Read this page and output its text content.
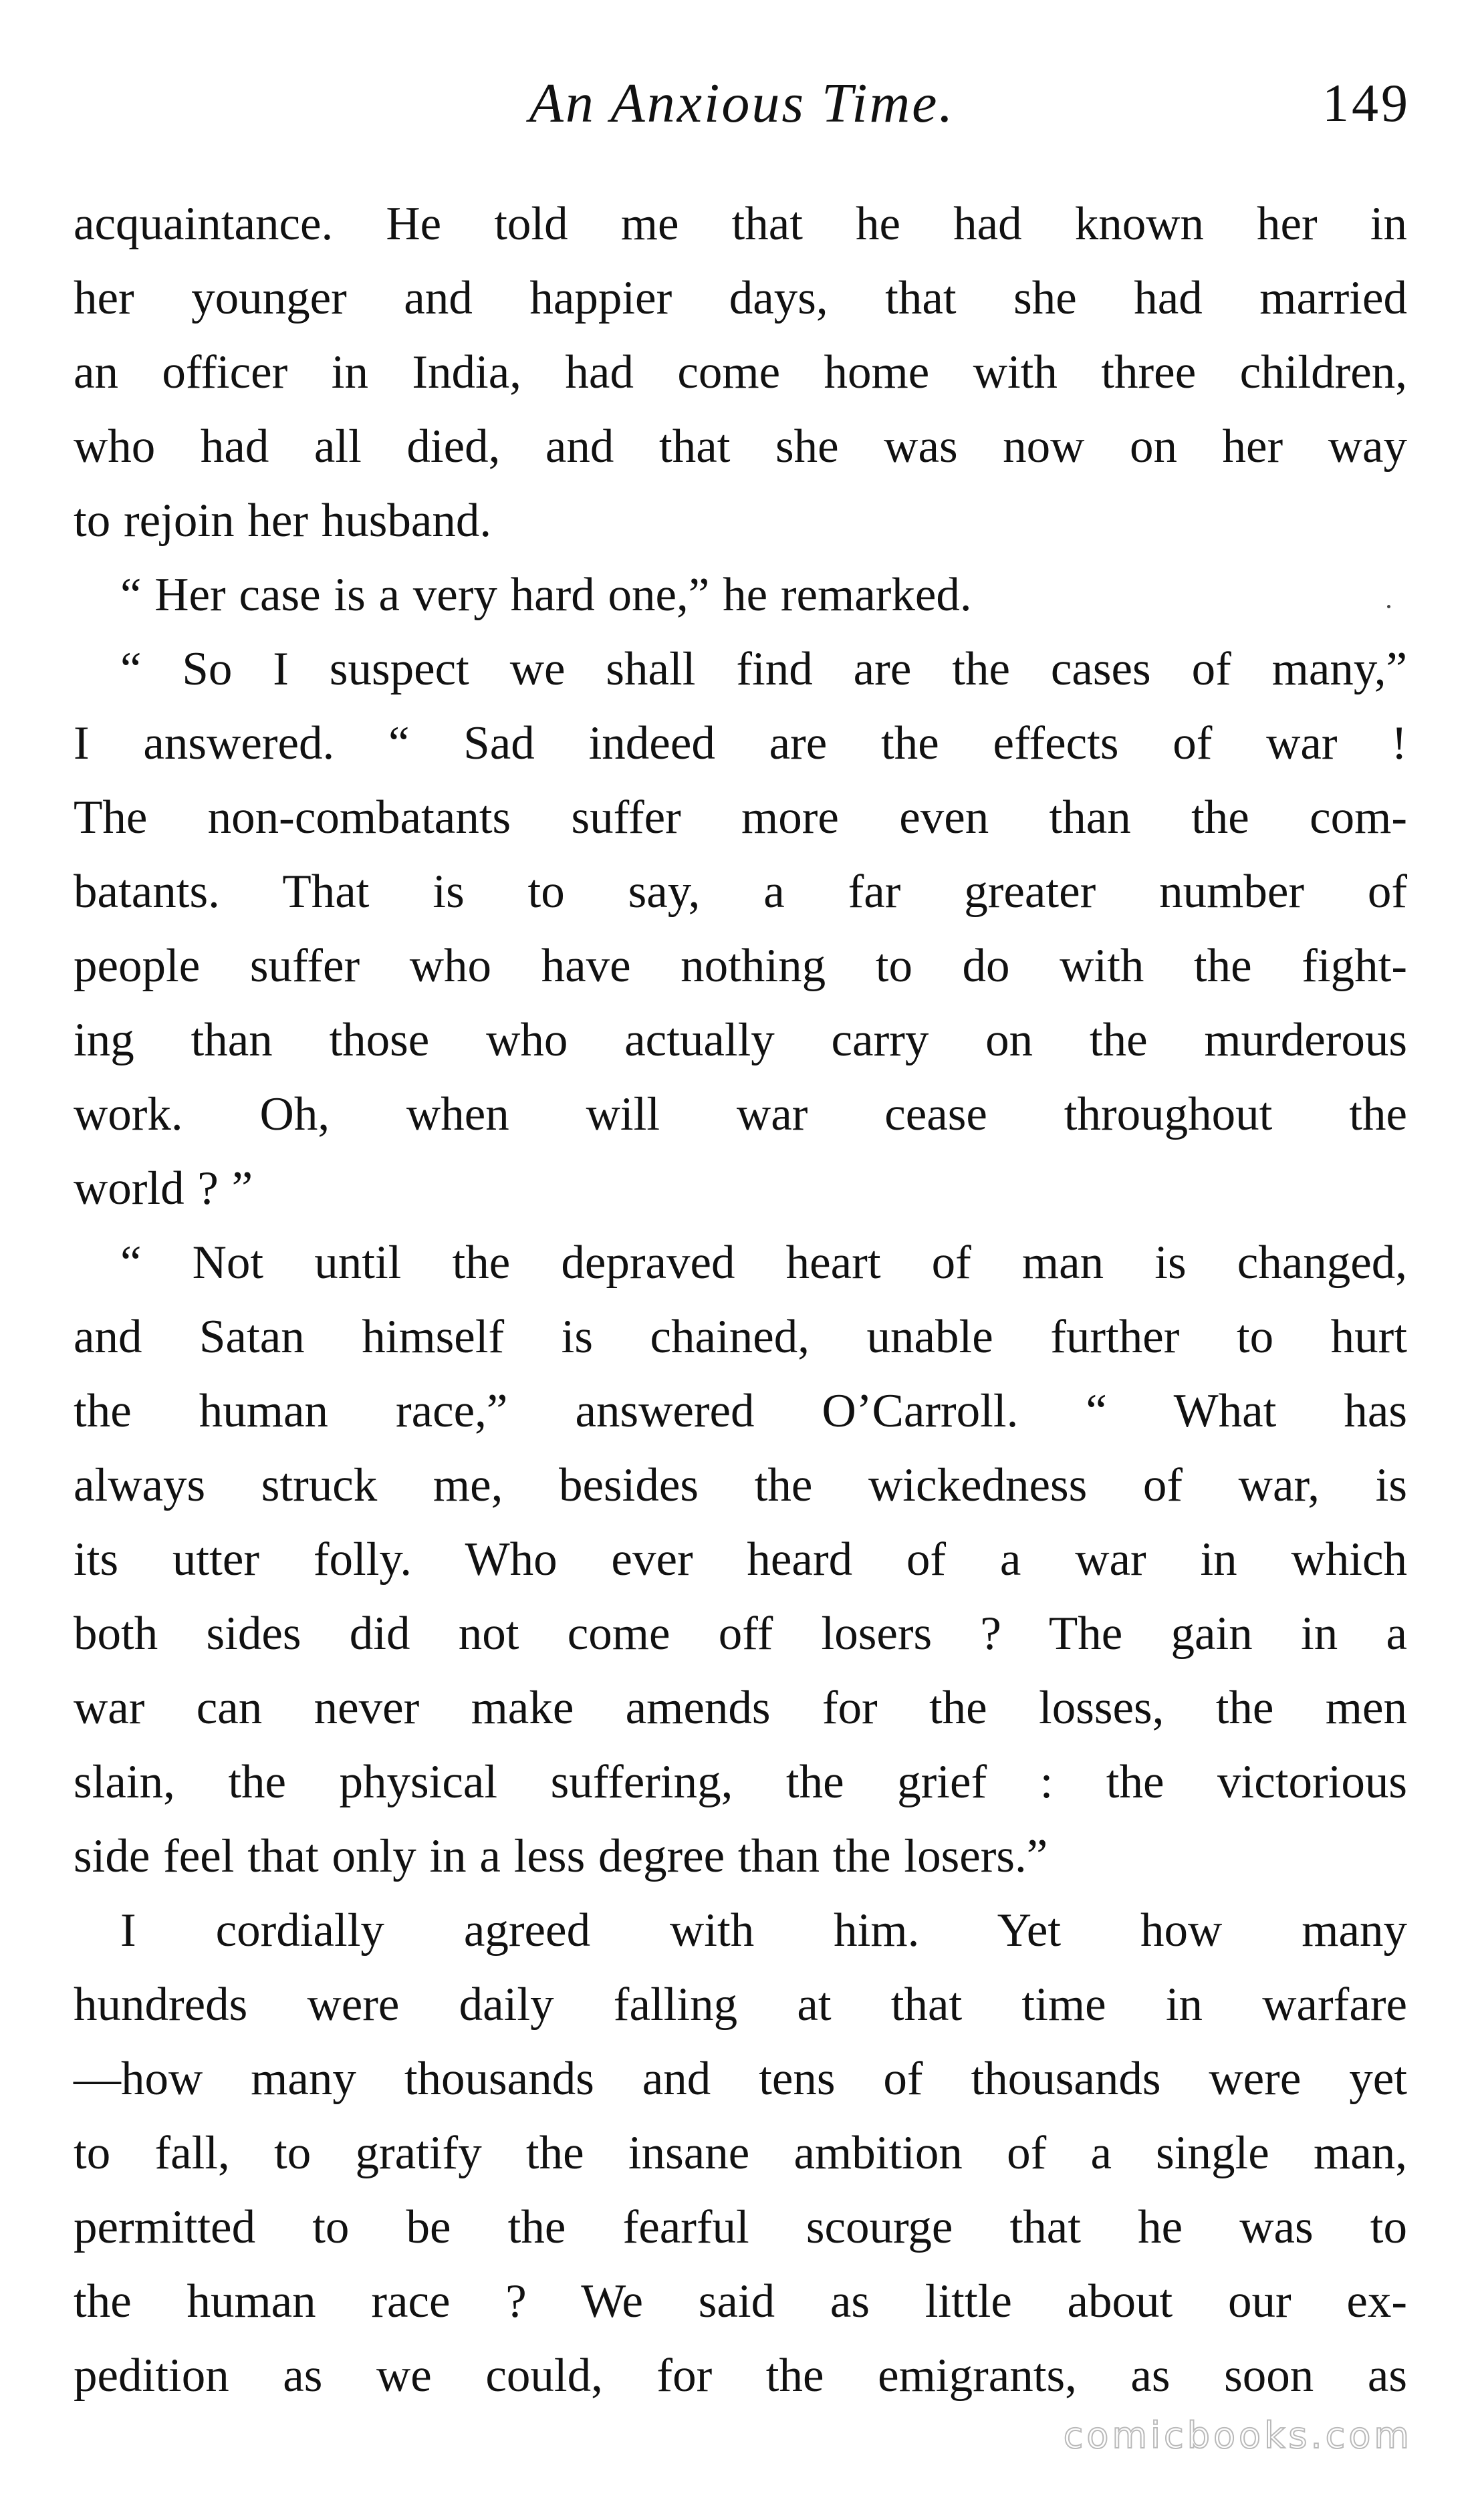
An Anxious Time.	149
acquaintance. He told me that he had known her in
her younger and happier days, that she had married
an officer in India, had come home with three children,
who had all died, and that she was now on her way
to rejoin her husband.
“ Her case is a very hard one,” he remarked.
“ So I suspect we shall find are the cases of many,”
I answered. “ Sad indeed are the effects of war !
The non-combatants suffer more even than the com-
batants. That is to say, a far greater number of
people suffer who have nothing to do with the fight-
ing than those who actually carry on the murderous
work. Oh, when will war cease throughout the
world ? ”
“ Not until the depraved heart of man is changed,
and Satan himself is chained, unable further to hurt
the human race,” answered O’Carroll. “ What has
always struck me, besides the wickedness of war, is
its utter folly. Who ever heard of a war in which
both sides did not come off losers ? The gain in a
war can never make amends for the losses, the men
slain, the physical suffering, the grief : the victorious
side feel that only in a less degree than the losers.”
I cordially agreed with him. Yet how many
hundreds were daily falling at that time in warfare
—how many thousands and tens of thousands were yet
to fall, to gratify the insane ambition of a single man,
permitted to be the fearful scourge that he was to
the human race ? We said as little about our ex-
pedition as we could, for the emigrants, as soon as
comicbooks.com
